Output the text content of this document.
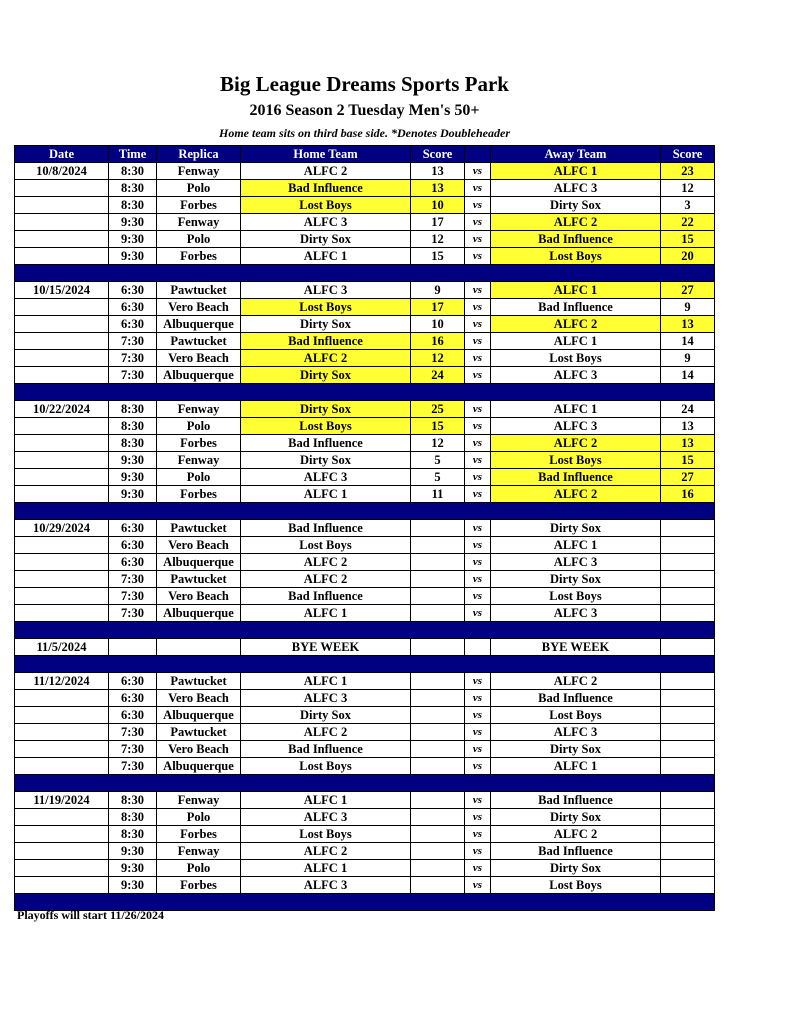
Big League Dreams Sports Park
2016 Season 2 Tuesday Men's 50+
Home team sits on third base side. *Denotes Doubleheader
Date	Time	Replica	Home Team	Score		Away Team	Score
10/8/2024	8:30	Fenway	ALFC 2	13	vs	ALFC 1	23
	8:30	Polo	Bad Influence	13	vs	ALFC 3	12
	8:30	Forbes	Lost Boys	10	vs	Dirty Sox	3
	9:30	Fenway	ALFC 3	17	vs	ALFC 2	22
	9:30	Polo	Dirty Sox	12	vs	Bad Influence	15
	9:30	Forbes	ALFC 1	15	vs	Lost Boys	20

10/15/2024	6:30	Pawtucket	ALFC 3	9	vs	ALFC 1	27
	6:30	Vero Beach	Lost Boys	17	vs	Bad Influence	9
	6:30	Albuquerque	Dirty Sox	10	vs	ALFC 2	13
	7:30	Pawtucket	Bad Influence	16	vs	ALFC 1	14
	7:30	Vero Beach	ALFC 2	12	vs	Lost Boys	9
	7:30	Albuquerque	Dirty Sox	24	vs	ALFC 3	14

10/22/2024	8:30	Fenway	Dirty Sox	25	vs	ALFC 1	24
	8:30	Polo	Lost Boys	15	vs	ALFC 3	13
	8:30	Forbes	Bad Influence	12	vs	ALFC 2	13
	9:30	Fenway	Dirty Sox	5	vs	Lost Boys	15
	9:30	Polo	ALFC 3	5	vs	Bad Influence	27
	9:30	Forbes	ALFC 1	11	vs	ALFC 2	16

10/29/2024	6:30	Pawtucket	Bad Influence		vs	Dirty Sox	
	6:30	Vero Beach	Lost Boys		vs	ALFC 1	
	6:30	Albuquerque	ALFC 2		vs	ALFC 3	
	7:30	Pawtucket	ALFC 2		vs	Dirty Sox	
	7:30	Vero Beach	Bad Influence		vs	Lost Boys	
	7:30	Albuquerque	ALFC 1		vs	ALFC 3	

11/5/2024			BYE WEEK			BYE WEEK	

11/12/2024	6:30	Pawtucket	ALFC 1		vs	ALFC 2	
	6:30	Vero Beach	ALFC 3		vs	Bad Influence	
	6:30	Albuquerque	Dirty Sox		vs	Lost Boys	
	7:30	Pawtucket	ALFC 2		vs	ALFC 3	
	7:30	Vero Beach	Bad Influence		vs	Dirty Sox	
	7:30	Albuquerque	Lost Boys		vs	ALFC 1	

11/19/2024	8:30	Fenway	ALFC 1		vs	Bad Influence	
	8:30	Polo	ALFC 3		vs	Dirty Sox	
	8:30	Forbes	Lost Boys		vs	ALFC 2	
	9:30	Fenway	ALFC 2		vs	Bad Influence	
	9:30	Polo	ALFC 1		vs	Dirty Sox	
	9:30	Forbes	ALFC 3		vs	Lost Boys	

Playoffs will start 11/26/2024
